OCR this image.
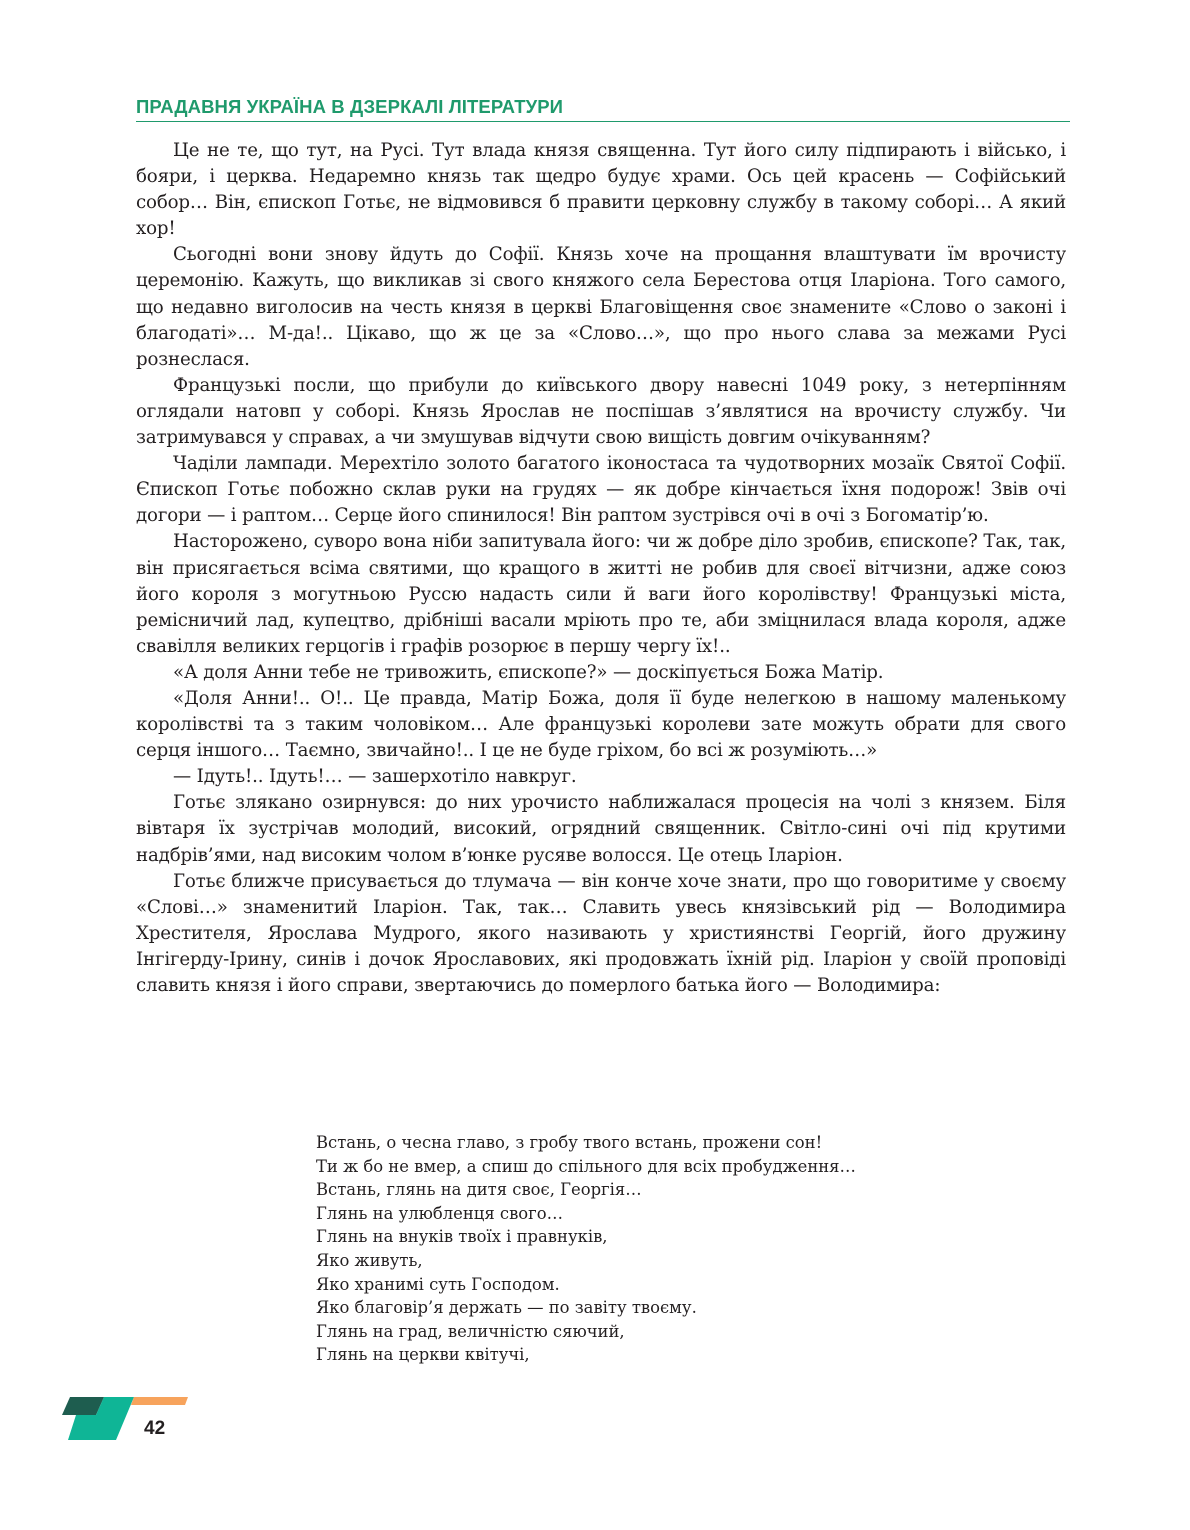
ПРАДАВНЯ УКРАЇНА В ДЗЕРКАЛІ ЛІТЕРАТУРИ

Це не те, що тут, на Русі. Тут влада князя священна. Тут його силу підпирають і військо, і бояри, і церква. Недаремно князь так щедро будує храми. Ось цей красень — Софійський собор… Він, єпископ Готьє, не відмовився б правити церковну службу в такому соборі… А який хор!

Сьогодні вони знову йдуть до Софії. Князь хоче на прощання влаштувати їм врочисту церемонію. Кажуть, що викликав зі свого княжого села Берестова отця Іларіона. Того самого, що недавно виголосив на честь князя в церкві Благовіщення своє знамените «Слово о законі і благодаті»… М-да!.. Цікаво, що ж це за «Слово…», що про нього слава за межами Русі рознеслася.

Французькі посли, що прибули до київського двору навесні 1049 року, з нетерпінням оглядали натовп у соборі. Князь Ярослав не поспішав з’являтися на врочисту службу. Чи затримувався у справах, а чи змушував відчути свою вищість довгим очікуванням?

Чаділи лампади. Мерехтіло золото багатого іконостаса та чудотворних мозаїк Святої Софії. Єпископ Готьє побожно склав руки на грудях — як добре кінчається їхня подорож! Звів очі догори — і раптом… Серце його спинилося! Він раптом зустрівся очі в очі з Богоматір’ю.

Насторожено, суворо вона ніби запитувала його: чи ж добре діло зробив, єпископе? Так, так, він присягається всіма святими, що кращого в житті не робив для своєї вітчизни, адже союз його короля з могутньою Руссю надасть сили й ваги його королівству! Французькі міста, ремісничий лад, купецтво, дрібніші васали мріють про те, аби зміцнилася влада короля, адже свавілля великих герцогів і графів розорює в першу чергу їх!..

«А доля Анни тебе не тривожить, єпископе?» — доскіпується Божа Матір.

«Доля Анни!.. О!.. Це правда, Матір Божа, доля її буде нелегкою в нашому маленькому королівстві та з таким чоловіком… Але французькі королеви зате можуть обрати для свого серця іншого… Таємно, звичайно!.. І це не буде гріхом, бо всі ж розуміють…»

— Ідуть!.. Ідуть!… — зашерхотіло навкруг.

Готьє злякано озирнувся: до них урочисто наближалася процесія на чолі з князем. Біля вівтаря їх зустрічав молодий, високий, огрядний священник. Світло-сині очі під крутими надбрів’ями, над високим чолом в’юнке русяве волосся. Це отець Іларіон.

Готьє ближче присувається до тлумача — він конче хоче знати, про що говоритиме у своєму «Слові…» знаменитий Іларіон. Так, так… Славить увесь князівський рід — Володимира Хрестителя, Ярослава Мудрого, якого називають у християнстві Георгій, його дружину Інгігерду-Ірину, синів і дочок Ярославових, які продовжать їхній рід. Іларіон у своїй проповіді славить князя і його справи, звертаючись до померлого батька його — Володимира:

Встань, о чесна главо, з гробу твого встань, прожени сон!
Ти ж бо не вмер, а спиш до спільного для всіх пробудження…
Встань, глянь на дитя своє, Георгія…
Глянь на улюбленця свого…
Глянь на внуків твоїх і правнуків,
Яко живуть,
Яко хранимі суть Господом.
Яко благовір’я держать — по завіту твоєму.
Глянь на град, величністю сяючий,
Глянь на церкви квітучі,
42
